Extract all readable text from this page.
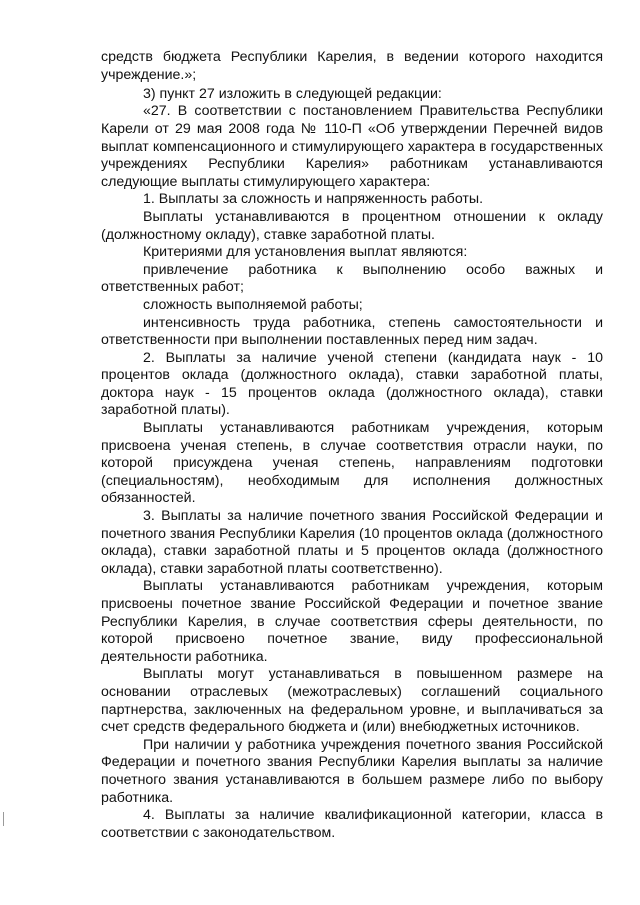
средств бюджета Республики Карелия, в ведении которого находится учреждение.»;

3) пункт 27 изложить в следующей редакции:

«27. В соответствии с постановлением Правительства Республики Карели от 29 мая 2008 года № 110-П «Об утверждении Перечней видов выплат компенсационного и стимулирующего характера в государственных учреждениях Республики Карелия» работникам устанавливаются следующие выплаты стимулирующего характера:

1. Выплаты за сложность и напряженность работы.

Выплаты устанавливаются в процентном отношении к окладу (должностному окладу), ставке заработной платы.

Критериями для установления выплат являются:

привлечение работника к выполнению особо важных и ответственных работ;

сложность выполняемой работы;

интенсивность труда работника, степень самостоятельности и ответственности при выполнении поставленных перед ним задач.

2. Выплаты за наличие ученой степени (кандидата наук - 10 процентов оклада (должностного оклада), ставки заработной платы, доктора наук - 15 процентов оклада (должностного оклада), ставки заработной платы).

Выплаты устанавливаются работникам учреждения, которым присвоена ученая степень, в случае соответствия отрасли науки, по которой присуждена ученая степень, направлениям подготовки (специальностям), необходимым для исполнения должностных обязанностей.

3. Выплаты за наличие почетного звания Российской Федерации и почетного звания Республики Карелия (10 процентов оклада (должностного оклада), ставки заработной платы и 5 процентов оклада (должностного оклада), ставки заработной платы соответственно).

Выплаты устанавливаются работникам учреждения, которым присвоены почетное звание Российской Федерации и почетное звание Республики Карелия, в случае соответствия сферы деятельности, по которой присвоено почетное звание, виду профессиональной деятельности работника.

Выплаты могут устанавливаться в повышенном размере на основании отраслевых (межотраслевых) соглашений социального партнерства, заключенных на федеральном уровне, и выплачиваться за счет средств федерального бюджета и (или) внебюджетных источников.

При наличии у работника учреждения почетного звания Российской Федерации и почетного звания Республики Карелия выплаты за наличие почетного звания устанавливаются в большем размере либо по выбору работника.

4. Выплаты за наличие квалификационной категории, класса в соответствии с законодательством.
